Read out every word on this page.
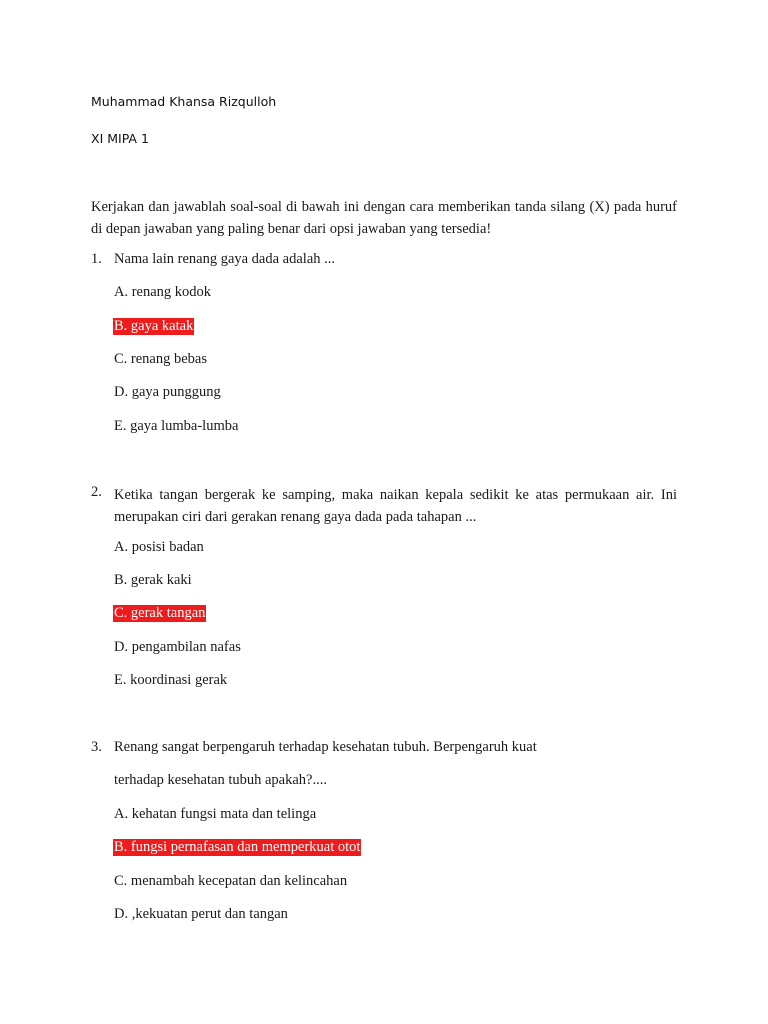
Muhammad Khansa Rizqulloh
XI MIPA 1
Kerjakan dan jawablah soal-soal di bawah ini dengan cara memberikan tanda silang (X) pada huruf di depan jawaban yang paling benar dari opsi jawaban yang tersedia!
1. Nama lain renang gaya dada adalah ...
A. renang kodok
B. gaya katak
C. renang bebas
D. gaya punggung
E. gaya lumba-lumba
2. Ketika tangan bergerak ke samping, maka naikan kepala sedikit ke atas permukaan air. Ini merupakan ciri dari gerakan renang gaya dada pada tahapan ...
A. posisi badan
B. gerak kaki
C. gerak tangan
D. pengambilan nafas
E. koordinasi gerak
3. Renang sangat berpengaruh terhadap kesehatan tubuh. Berpengaruh kuat
terhadap kesehatan tubuh apakah?....
A. kehatan fungsi mata dan telinga
B. fungsi pernafasan dan memperkuat otot
C. menambah kecepatan dan kelincahan
D. ,kekuatan perut dan tangan
